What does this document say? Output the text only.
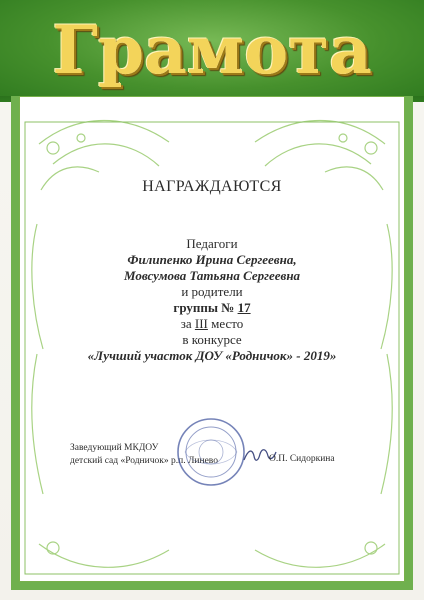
Грамота
НАГРАЖДАЮТСЯ

Педагоги

Филипенко Ирина Сергеевна,

Мовсумова Татьяна Сергеевна

и родители

группы № 17

за III место

в конкурсе

«Лучший участок ДОУ «Родничок» - 2019»

Заведующий МКДОУ
детский сад «Родничок» р.п. Линево	О.П. Сидоркина
